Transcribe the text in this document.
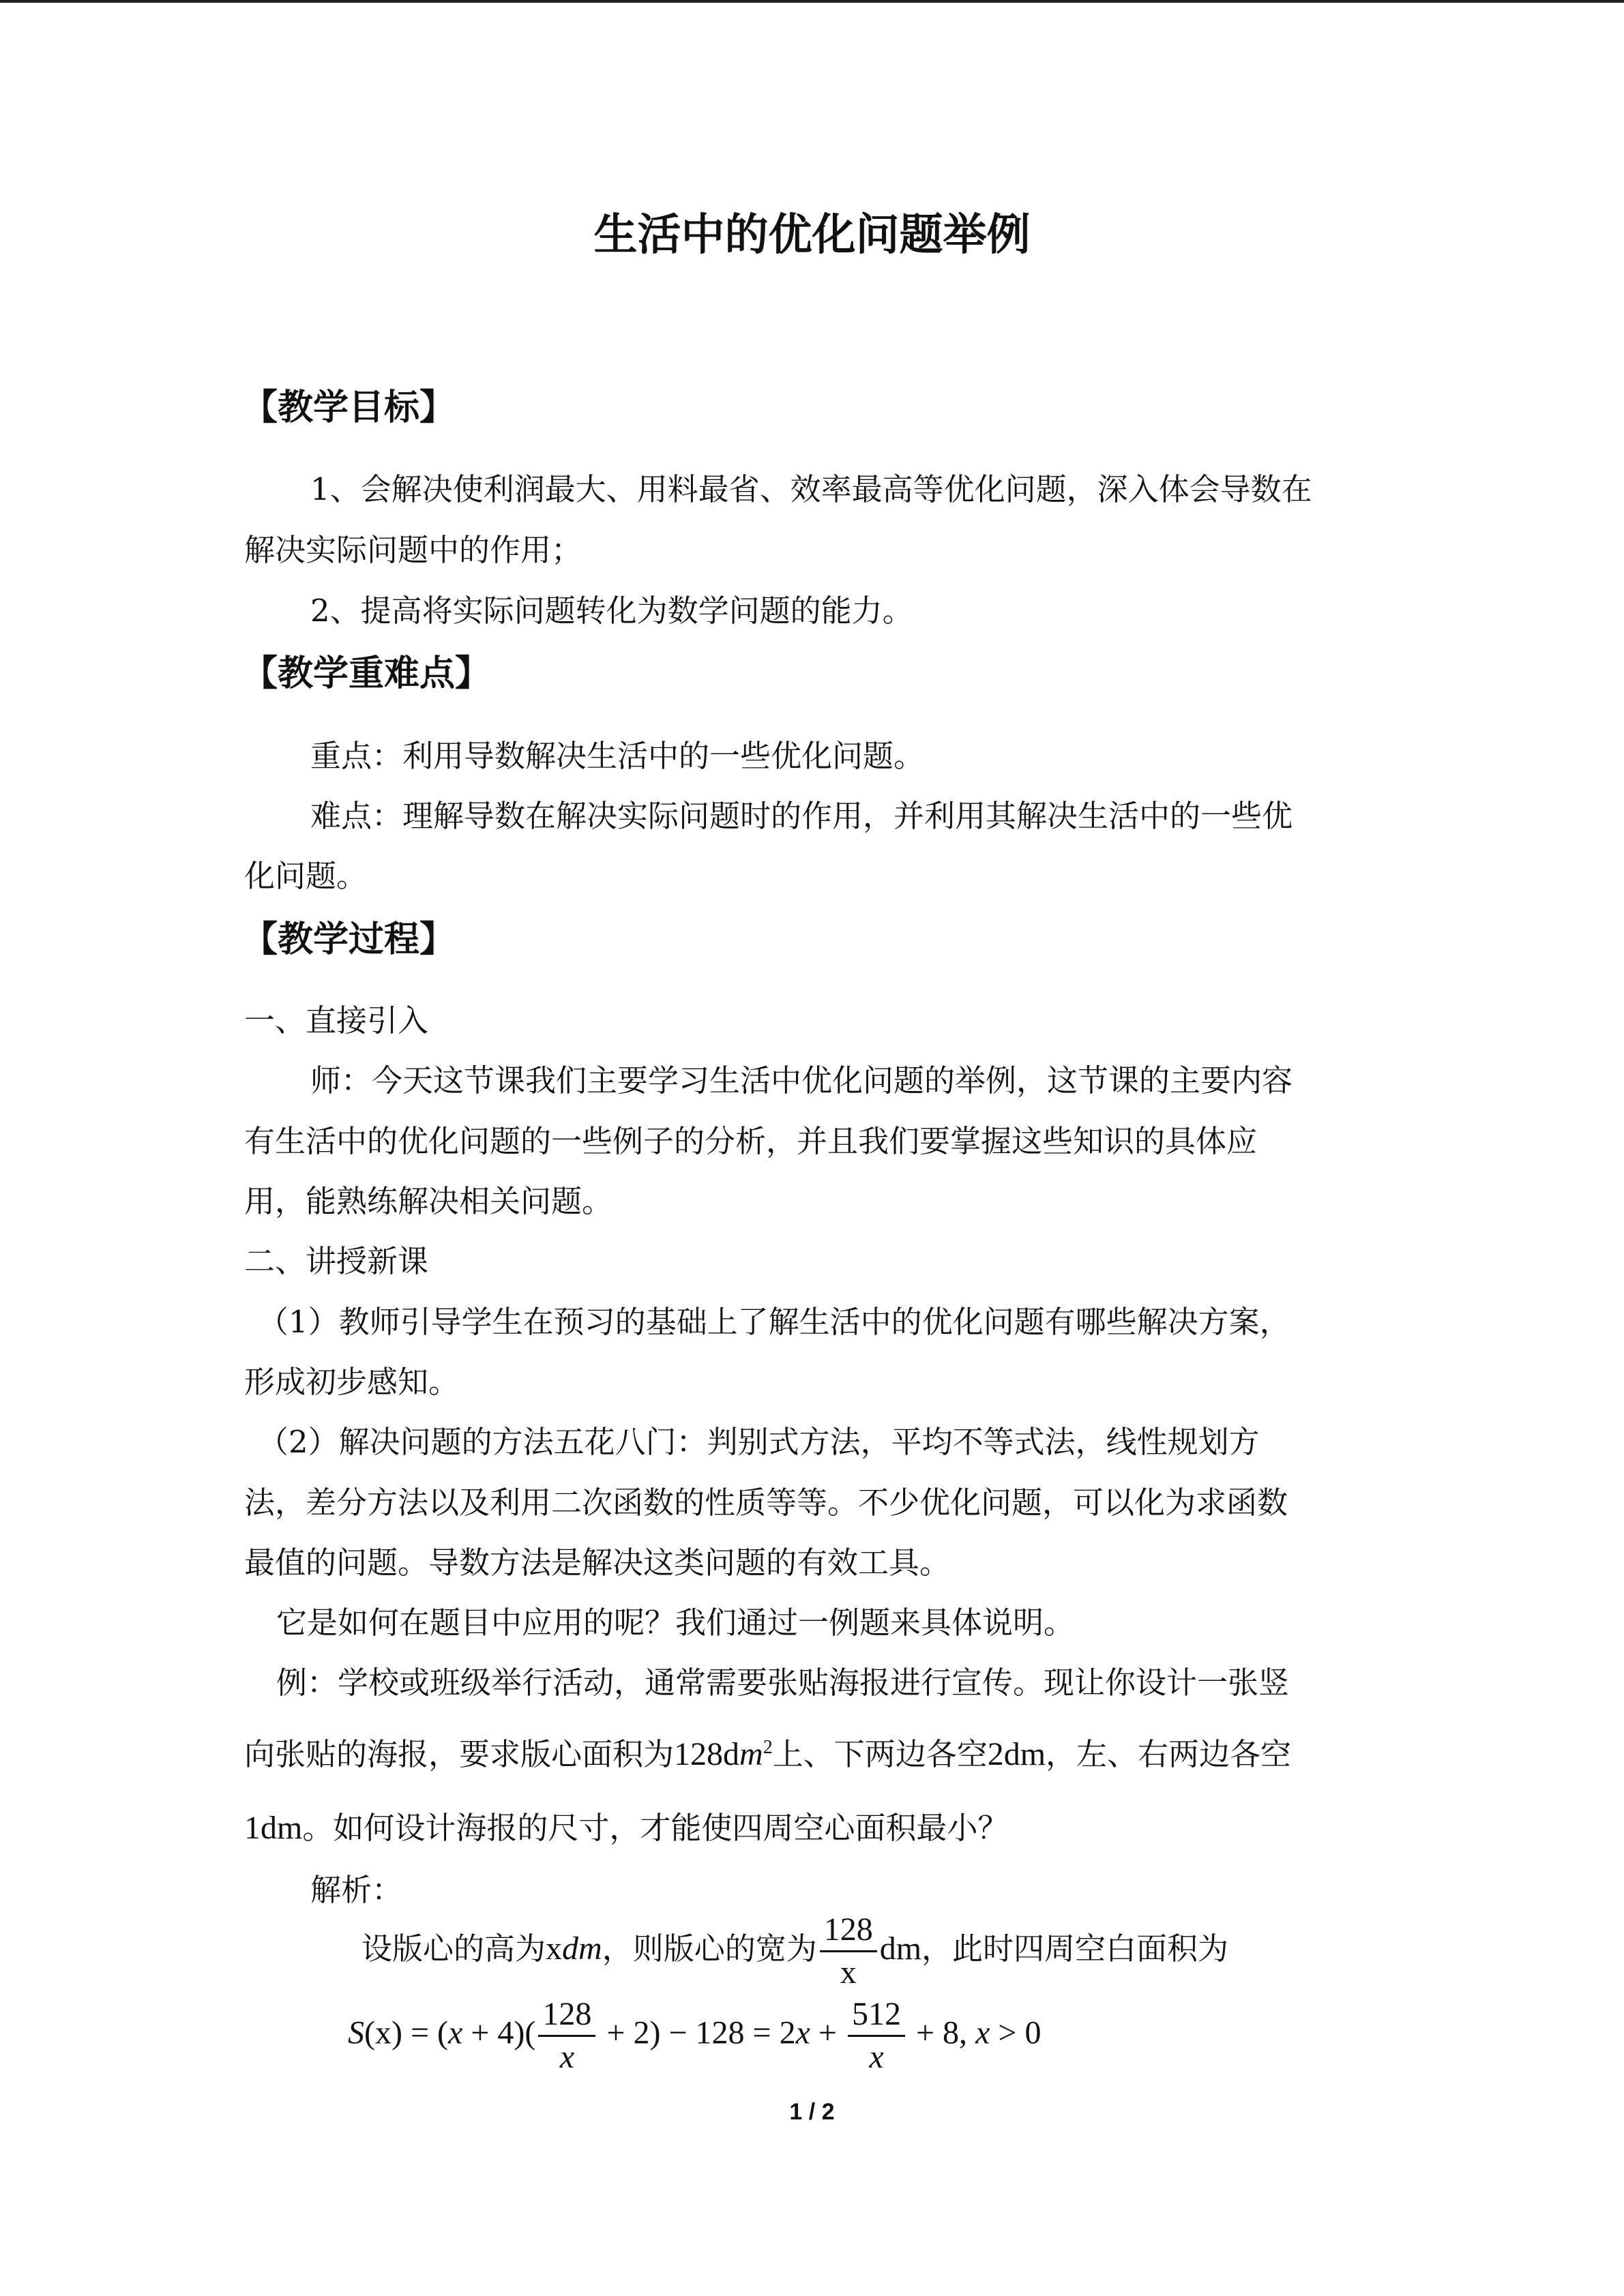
生活中的优化问题举例
【教学目标】

1、会解决使利润最大、用料最省、效率最高等优化问题，深入体会导数在

解决实际问题中的作用；

2、提高将实际问题转化为数学问题的能力。

【教学重难点】

重点：利用导数解决生活中的一些优化问题。

难点：理解导数在解决实际问题时的作用，并利用其解决生活中的一些优

化问题。

【教学过程】

一、直接引入

师：今天这节课我们主要学习生活中优化问题的举例，这节课的主要内容

有生活中的优化问题的一些例子的分析，并且我们要掌握这些知识的具体应

用，能熟练解决相关问题。

二、讲授新课

（1）教师引导学生在预习的基础上了解生活中的优化问题有哪些解决方案，

形成初步感知。

（2）解决问题的方法五花八门：判别式方法，平均不等式法，线性规划方

法，差分方法以及利用二次函数的性质等等。不少优化问题，可以化为求函数

最值的问题。导数方法是解决这类问题的有效工具。

它是如何在题目中应用的呢？我们通过一例题来具体说明。

例：学校或班级举行活动，通常需要张贴海报进行宣传。现让你设计一张竖

向张贴的海报，要求版心面积为$128dm^2$上、下两边各空2dm，左、右两边各空

1dm。如何设计海报的尺寸，才能使四周空心面积最小？

解析：

设版心的高为xdm，则版心的宽为 $\frac{128}{x}$ dm，此时四周空白面积为

$S(x) = (x + 4)( \frac{128}{x} + 2) - 128 = 2x + \frac{512}{x} + 8$, x > 0

1 / 2
